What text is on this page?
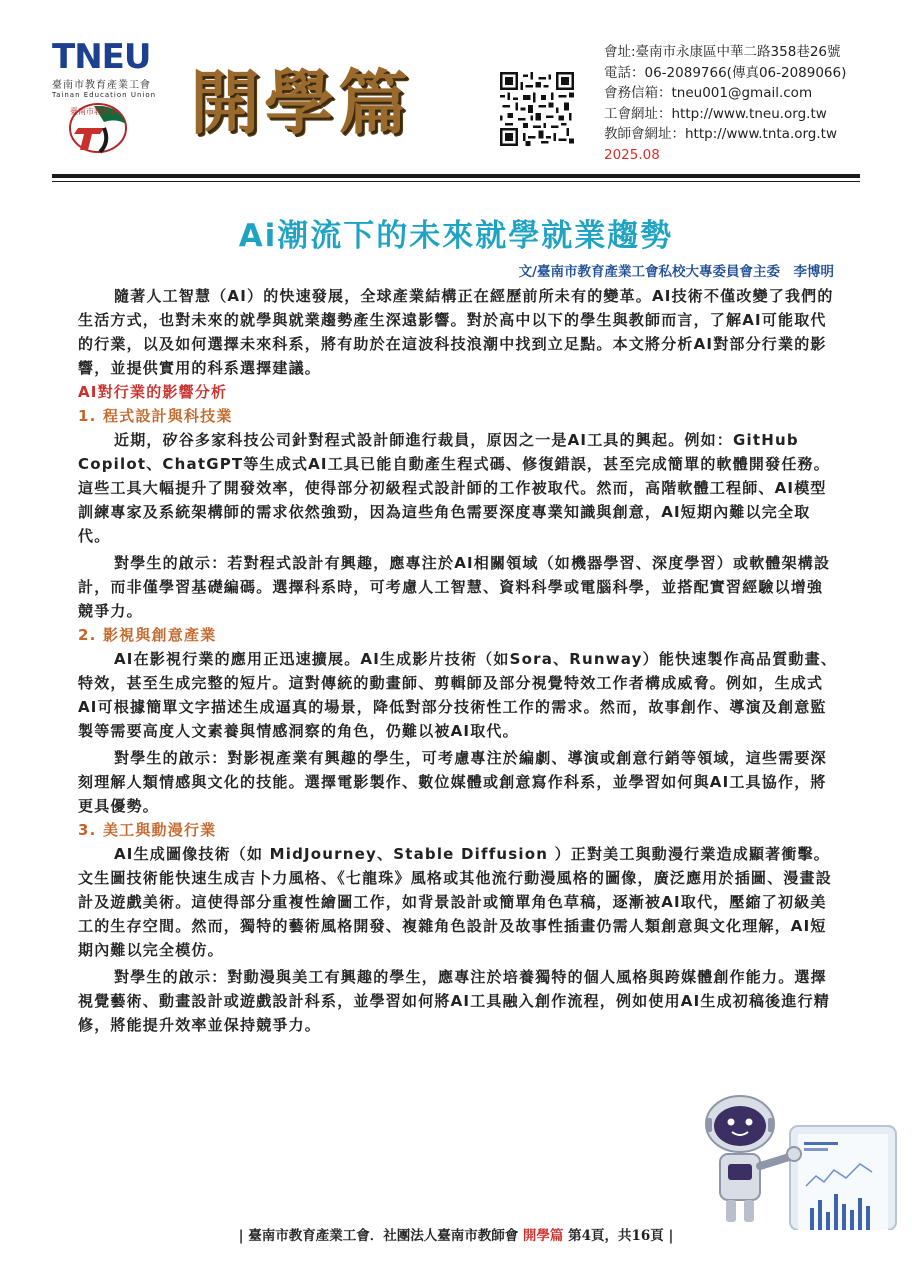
TNEU
臺南市教育產業工會
Tainan Education Union
臺南市教師會 開學篇
會址:臺南市永康區中華二路358巷26號
電話：06-2089766(傳真06-2089066)
會務信箱：tneu001@gmail.com
工會網址：http://www.tneu.org.tw
教師會網址：http://www.tnta.org.tw
2025.08
Ai潮流下的未來就學就業趨勢
文/臺南市教育產業工會私校大專委員會主委　李博明

隨著人工智慧（AI）的快速發展，全球產業結構正在經歷前所未有的變革。AI技術不僅改變了我們的生活方式，也對未來的就學與就業趨勢產生深遠影響。對於高中以下的學生與教師而言，了解AI可能取代的行業，以及如何選擇未來科系，將有助於在這波科技浪潮中找到立足點。本文將分析AI對部分行業的影響，並提供實用的科系選擇建議。

AI對行業的影響分析

1. 程式設計與科技業

近期，矽谷多家科技公司針對程式設計師進行裁員，原因之一是AI工具的興起。例如：GitHub Copilot、ChatGPT等生成式AI工具已能自動產生程式碼、修復錯誤，甚至完成簡單的軟體開發任務。這些工具大幅提升了開發效率，使得部分初級程式設計師的工作被取代。然而，高階軟體工程師、AI模型訓練專家及系統架構師的需求依然強勁，因為這些角色需要深度專業知識與創意，AI短期內難以完全取代。

對學生的啟示：若對程式設計有興趣，應專注於AI相關領域（如機器學習、深度學習）或軟體架構設計，而非僅學習基礎編碼。選擇科系時，可考慮人工智慧、資料科學或電腦科學，並搭配實習經驗以增強競爭力。

2. 影視與創意產業

AI在影視行業的應用正迅速擴展。AI生成影片技術（如Sora、Runway）能快速製作高品質動畫、特效，甚至生成完整的短片。這對傳統的動畫師、剪輯師及部分視覺特效工作者構成威脅。例如，生成式AI可根據簡單文字描述生成逼真的場景，降低對部分技術性工作的需求。然而，故事創作、導演及創意監製等需要高度人文素養與情感洞察的角色，仍難以被AI取代。

對學生的啟示：對影視產業有興趣的學生，可考慮專注於編劇、導演或創意行銷等領域，這些需要深刻理解人類情感與文化的技能。選擇電影製作、數位媒體或創意寫作科系，並學習如何與AI工具協作，將更具優勢。

3. 美工與動漫行業

AI生成圖像技術（如 MidJourney、Stable Diffusion ）正對美工與動漫行業造成顯著衝擊。文生圖技術能快速生成吉卜力風格、《七龍珠》風格或其他流行動漫風格的圖像，廣泛應用於插圖、漫畫設計及遊戲美術。這使得部分重複性繪圖工作，如背景設計或簡單角色草稿，逐漸被AI取代，壓縮了初級美工的生存空間。然而，獨特的藝術風格開發、複雜角色設計及故事性插畫仍需人類創意與文化理解，AI短期內難以完全模仿。

對學生的啟示：對動漫與美工有興趣的學生，應專注於培養獨特的個人風格與跨媒體創作能力。選擇視覺藝術、動畫設計或遊戲設計科系，並學習如何將AI工具融入創作流程，例如使用AI生成初稿後進行精修，將能提升效率並保持競爭力。

| 臺南市教育產業工會．社團法人臺南市教師會 開學篇 第4頁，共16頁 |
